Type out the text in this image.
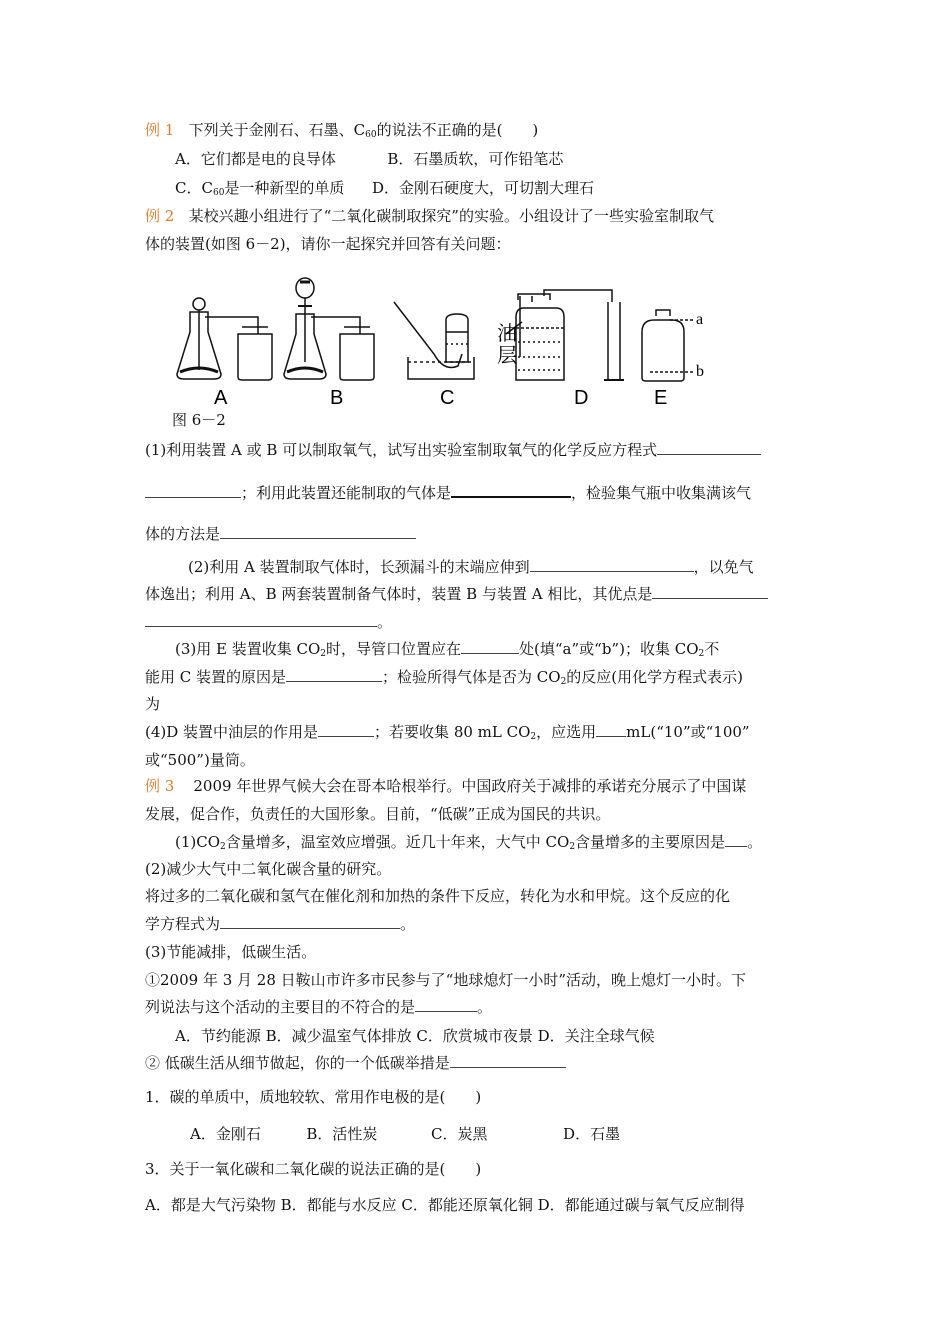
例 1 下列关于金刚石、石墨、$C_{60}$的说法不正确的是(　　)
A．它们都是电的良导体	B．石墨质软，可作铅笔芯
C．$C_{60}$是一种新型的单质 D．金刚石硬度大，可切割大理石
例 2 某校兴趣小组进行了“二氧化碳制取探究”的实验。小组设计了一些实验室制取气
体的装置(如图 6－2)，请你一起探究并回答有关问题：
油
层
a
b
A	B	C	D	E
图 6－2
(1)利用装置 A 或 B 可以制取氧气，试写出实验室制取氧气的化学反应方程式
；利用此装置还能制取的气体是	，检验集气瓶中收集满该气
体的方法是
(2)利用 A 装置制取气体时，长颈漏斗的末端应伸到	，以免气
体逸出；利用 A、B 两套装置制备气体时，装置 B 与装置 A 相比，其优点是
。
(3)用 E 装置收集 $CO_2$时，导管口位置应在	处(填“a”或“b”)；收集 $CO_2$不
能用 C 装置的原因是	；检验所得气体是否为 $CO_2$的反应(用化学方程式表示)
为
(4)D 装置中油层的作用是	；若要收集 80 mL $CO_2$，应选用 mL(“10”或“100”
或“500”)量筒。
例 3 2009 年世界气候大会在哥本哈根举行。中国政府关于减排的承诺充分展示了中国谋
发展，促合作，负责任的大国形象。目前，“低碳”正成为国民的共识。
$(1)CO_2$含量增多，温室效应增强。近几十年来，大气中 $CO_2$含量增多的主要原因是 。
(2)减少大气中二氧化碳含量的研究。
将过多的二氧化碳和氢气在催化剂和加热的条件下反应，转化为水和甲烷。这个反应的化
学方程式为	。
(3)节能减排，低碳生活。
①2009 年 3 月 28 日鞍山市许多市民参与了“地球熄灯一小时”活动，晚上熄灯一小时。下
列说法与这个活动的主要目的不符合的是	。
A．节约能源 B．减少温室气体排放 C．欣赏城市夜景 D．关注全球气候
② 低碳生活从细节做起，你的一个低碳举措是
1．碳的单质中，质地较软、常用作电极的是(　　)
A．金刚石	B．活性炭	C．炭黑	D．石墨
3．关于一氧化碳和二氧化碳的说法正确的是(　　)
A．都是大气污染物 B．都能与水反应 C．都能还原氧化铜 D．都能通过碳与氧气反应制得
